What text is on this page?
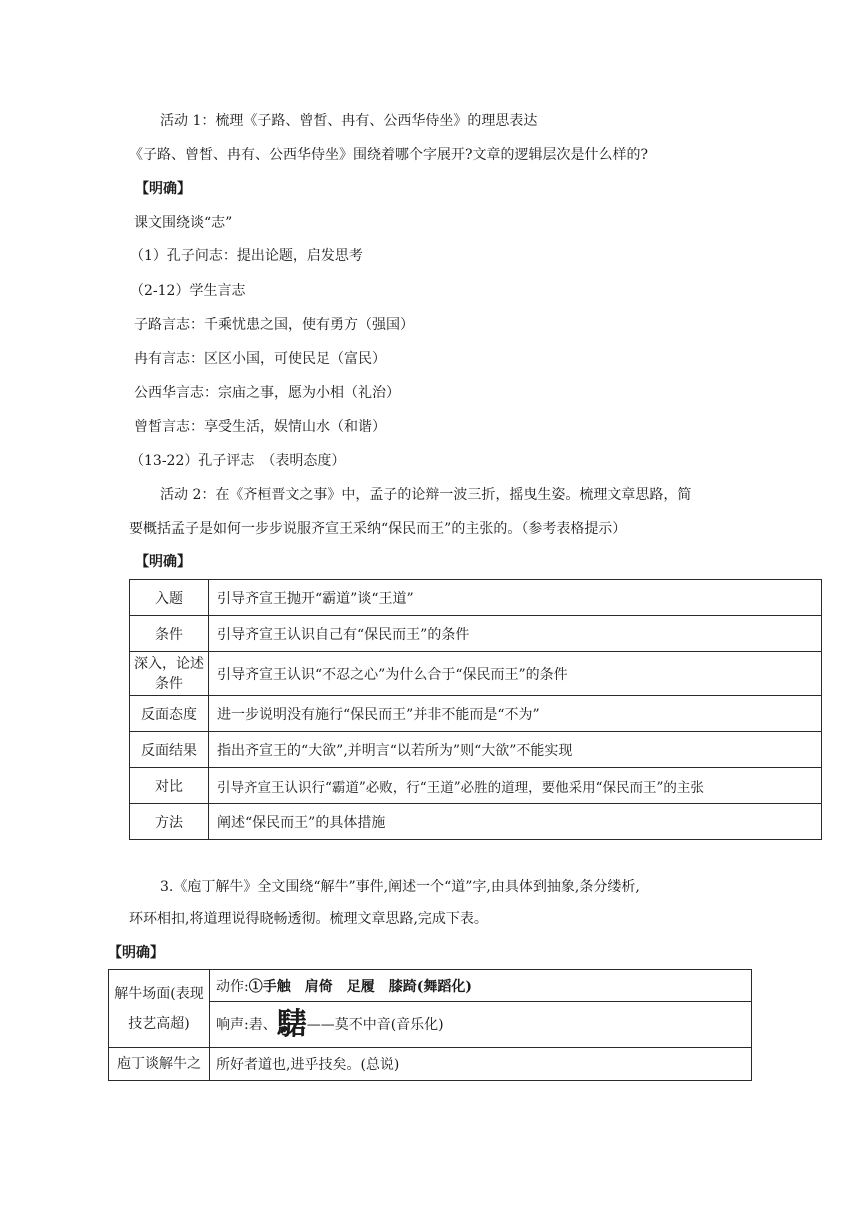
活动 1：梳理《子路、曾皙、冉有、公西华侍坐》的理思表达
《子路、曾皙、冉有、公西华侍坐》围绕着哪个字展开?文章的逻辑层次是什么样的?
【明确】
课文围绕谈“志”
（1）孔子问志：提出论题，启发思考
（2-12）学生言志
子路言志：千乘忧患之国，使有勇方（强国）
冉有言志：区区小国，可使民足（富民）
公西华言志：宗庙之事，愿为小相（礼治）
曾皙言志：享受生活，娱情山水（和谐）
（13-22）孔子评志　（表明态度）
活动 2：在《齐桓晋文之事》中，孟子的论辩一波三折，摇曳生姿。梳理文章思路，简
要概括孟子是如何一步步说服齐宣王采纳“保民而王”的主张的。（参考表格提示）
【明确】
入题	引导齐宣王抛开“霸道”谈“王道”
条件	引导齐宣王认识自己有“保民而王”的条件

深入，论述
条件	引导齐宣王认识“不忍之心”为什么合于“保民而王”的条件
反面态度	进一步说明没有施行“保民而王”并非不能而是“不为”
反面结果	指出齐宣王的“大欲”,并明言“以若所为”则“大欲”不能实现
对比	引导齐宣王认识行“霸道”必败，行“王道”必胜的道理，要他采用“保民而王”的主张
方法	阐述“保民而王”的具体措施
3.《庖丁解牛》全文围绕“解牛”事件,阐述一个“道”字,由具体到抽象,条分缕析,
环环相扣,将道理说得晓畅透彻。梳理文章思路,完成下表。
【明确】
解牛场面(表现技艺高超)	动作:①手触　肩倚　足履　膝踦(舞蹈化)
	响声:砉、騞——莫不中音(音乐化)
庖丁谈解牛之	所好者道也,进乎技矣。(总说)
